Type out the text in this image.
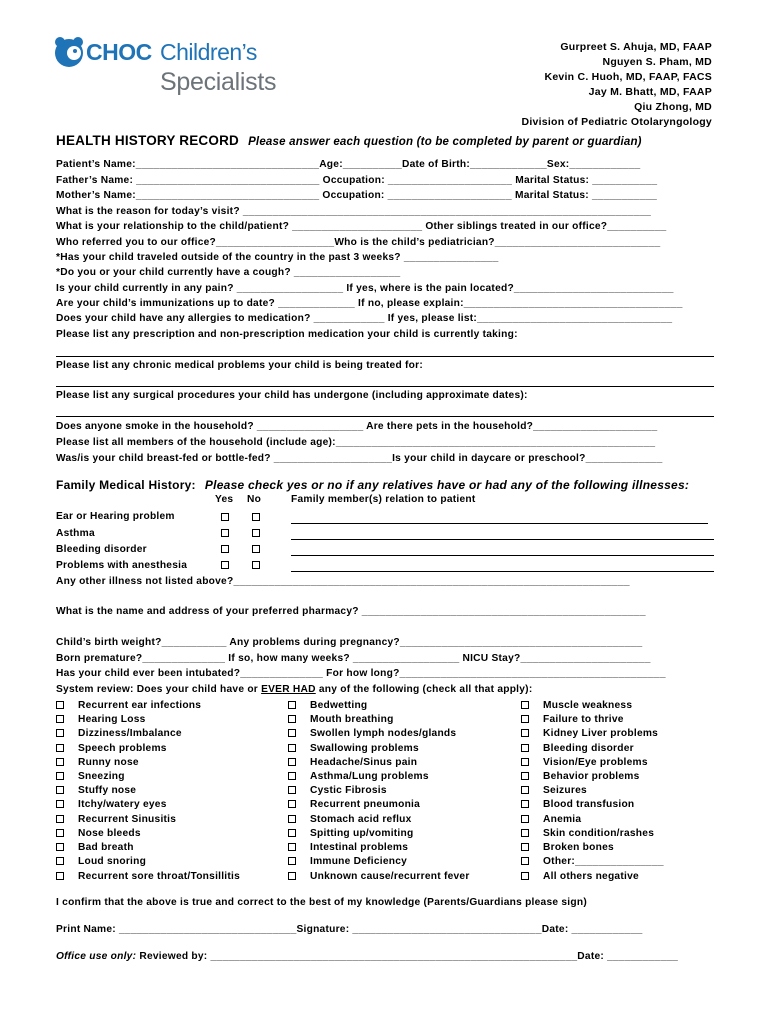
CHOC Children’s
Specialists
Gurpreet S. Ahuja, MD, FAAP
Nguyen S. Pham, MD
Kevin C. Huoh, MD, FAAP, FACS
Jay M. Bhatt, MD, FAAP
Qiu Zhong, MD
Division of Pediatric Otolaryngology
HEALTH HISTORY RECORD Please answer each question (to be completed by parent or guardian)
Patient’s Name:_______________________________Age:__________Date of Birth:_____________Sex:____________
Father’s Name: _______________________________ Occupation: _____________________ Marital Status: ___________
Mother’s Name:_______________________________ Occupation: _____________________ Marital Status: ___________
What is the reason for today’s visit? _____________________________________________________________________
What is your relationship to the child/patient? ______________________ Other siblings treated in our office?__________
Who referred you to our office?____________________Who is the child’s pediatrician?____________________________
*Has your child traveled outside of the country in the past 3 weeks? ________________
*Do you or your child currently have a cough? __________________
Is your child currently in any pain? __________________ If yes, where is the pain located?___________________________
Are your child’s immunizations up to date? _____________ If no, please explain:_____________________________________
Does your child have any allergies to medication? ____________ If yes, please list:_________________________________
Please list any prescription and non-prescription medication your child is currently taking:
Please list any chronic medical problems your child is being treated for:
Please list any surgical procedures your child has undergone (including approximate dates):
Does anyone smoke in the household? __________________ Are there pets in the household?_____________________
Please list all members of the household (include age):______________________________________________________
Was/is your child breast-fed or bottle-fed? ____________________Is your child in daycare or preschool?_____________
Family Medical History: Please check yes or no if any relatives have or had any of the following illnesses:
Yes No	Family member(s) relation to patient
Ear or Hearing problem
Asthma
Bleeding disorder
Problems with anesthesia
Any other illness not listed above?___________________________________________________________________
What is the name and address of your preferred pharmacy? ________________________________________________
Child’s birth weight?___________ Any problems during pregnancy?_________________________________________
Born premature?______________ If so, how many weeks? __________________ NICU Stay?______________________
Has your child ever been intubated?______________ For how long?_____________________________________________
System review: Does your child have or EVER HAD any of the following (check all that apply):
Recurrent ear infections
Hearing Loss
Dizziness/Imbalance
Speech problems
Runny nose
Sneezing
Stuffy nose
Itchy/watery eyes
Recurrent Sinusitis
Nose bleeds
Bad breath
Loud snoring
Recurrent sore throat/Tonsillitis
Bedwetting
Mouth breathing
Swollen lymph nodes/glands
Swallowing problems
Headache/Sinus pain
Asthma/Lung problems
Cystic Fibrosis
Recurrent pneumonia
Stomach acid reflux
Spitting up/vomiting
Intestinal problems
Immune Deficiency
Unknown cause/recurrent fever
Muscle weakness
Failure to thrive
Kidney Liver problems
Bleeding disorder
Vision/Eye problems
Behavior problems
Seizures
Blood transfusion
Anemia
Skin condition/rashes
Broken bones
Other:_______________
All others negative
I confirm that the above is true and correct to the best of my knowledge (Parents/Guardians please sign)
Print Name: ______________________________Signature: ________________________________Date: ____________
Office use only: Reviewed by: ______________________________________________________________Date: ____________
